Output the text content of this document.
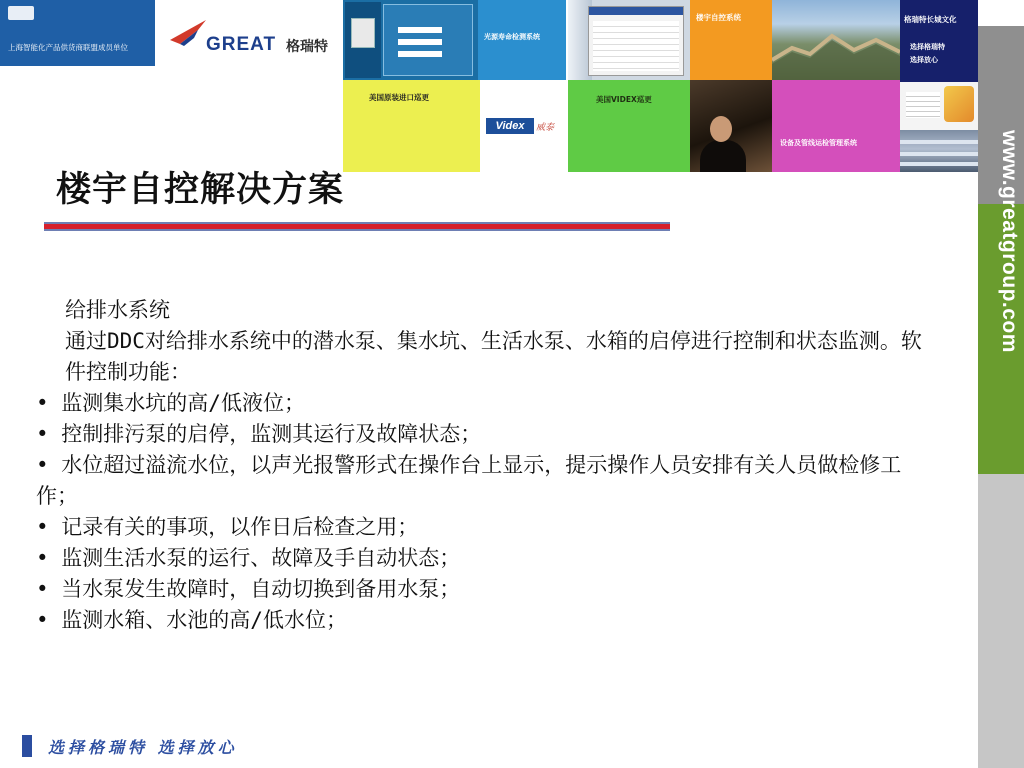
上海智能化产品供货商联盟成员单位	GREAT 格瑞特
光源寿命检测系统
美国原装进口巡更
Videx	威泰
美国VIDEX巡更
楼宇自控系统
设备及管线运检管理系统
格瑞特长城文化
选择格瑞特
选择放心
www.greatgroup.com
楼宇自控解决方案
给排水系统
通过DDC对给排水系统中的潜水泵、集水坑、生活水泵、水箱的启停进行控制和状态监测。软件控制功能：
• 监测集水坑的高/低液位；
• 控制排污泵的启停，监测其运行及故障状态；
• 水位超过溢流水位，以声光报警形式在操作台上显示，提示操作人员安排有关人员做检修工作；
• 记录有关的事项，以作日后检查之用；
• 监测生活水泵的运行、故障及手自动状态；
• 当水泵发生故障时，自动切换到备用水泵；
• 监测水箱、水池的高/低水位；
选择格瑞特 选择放心
